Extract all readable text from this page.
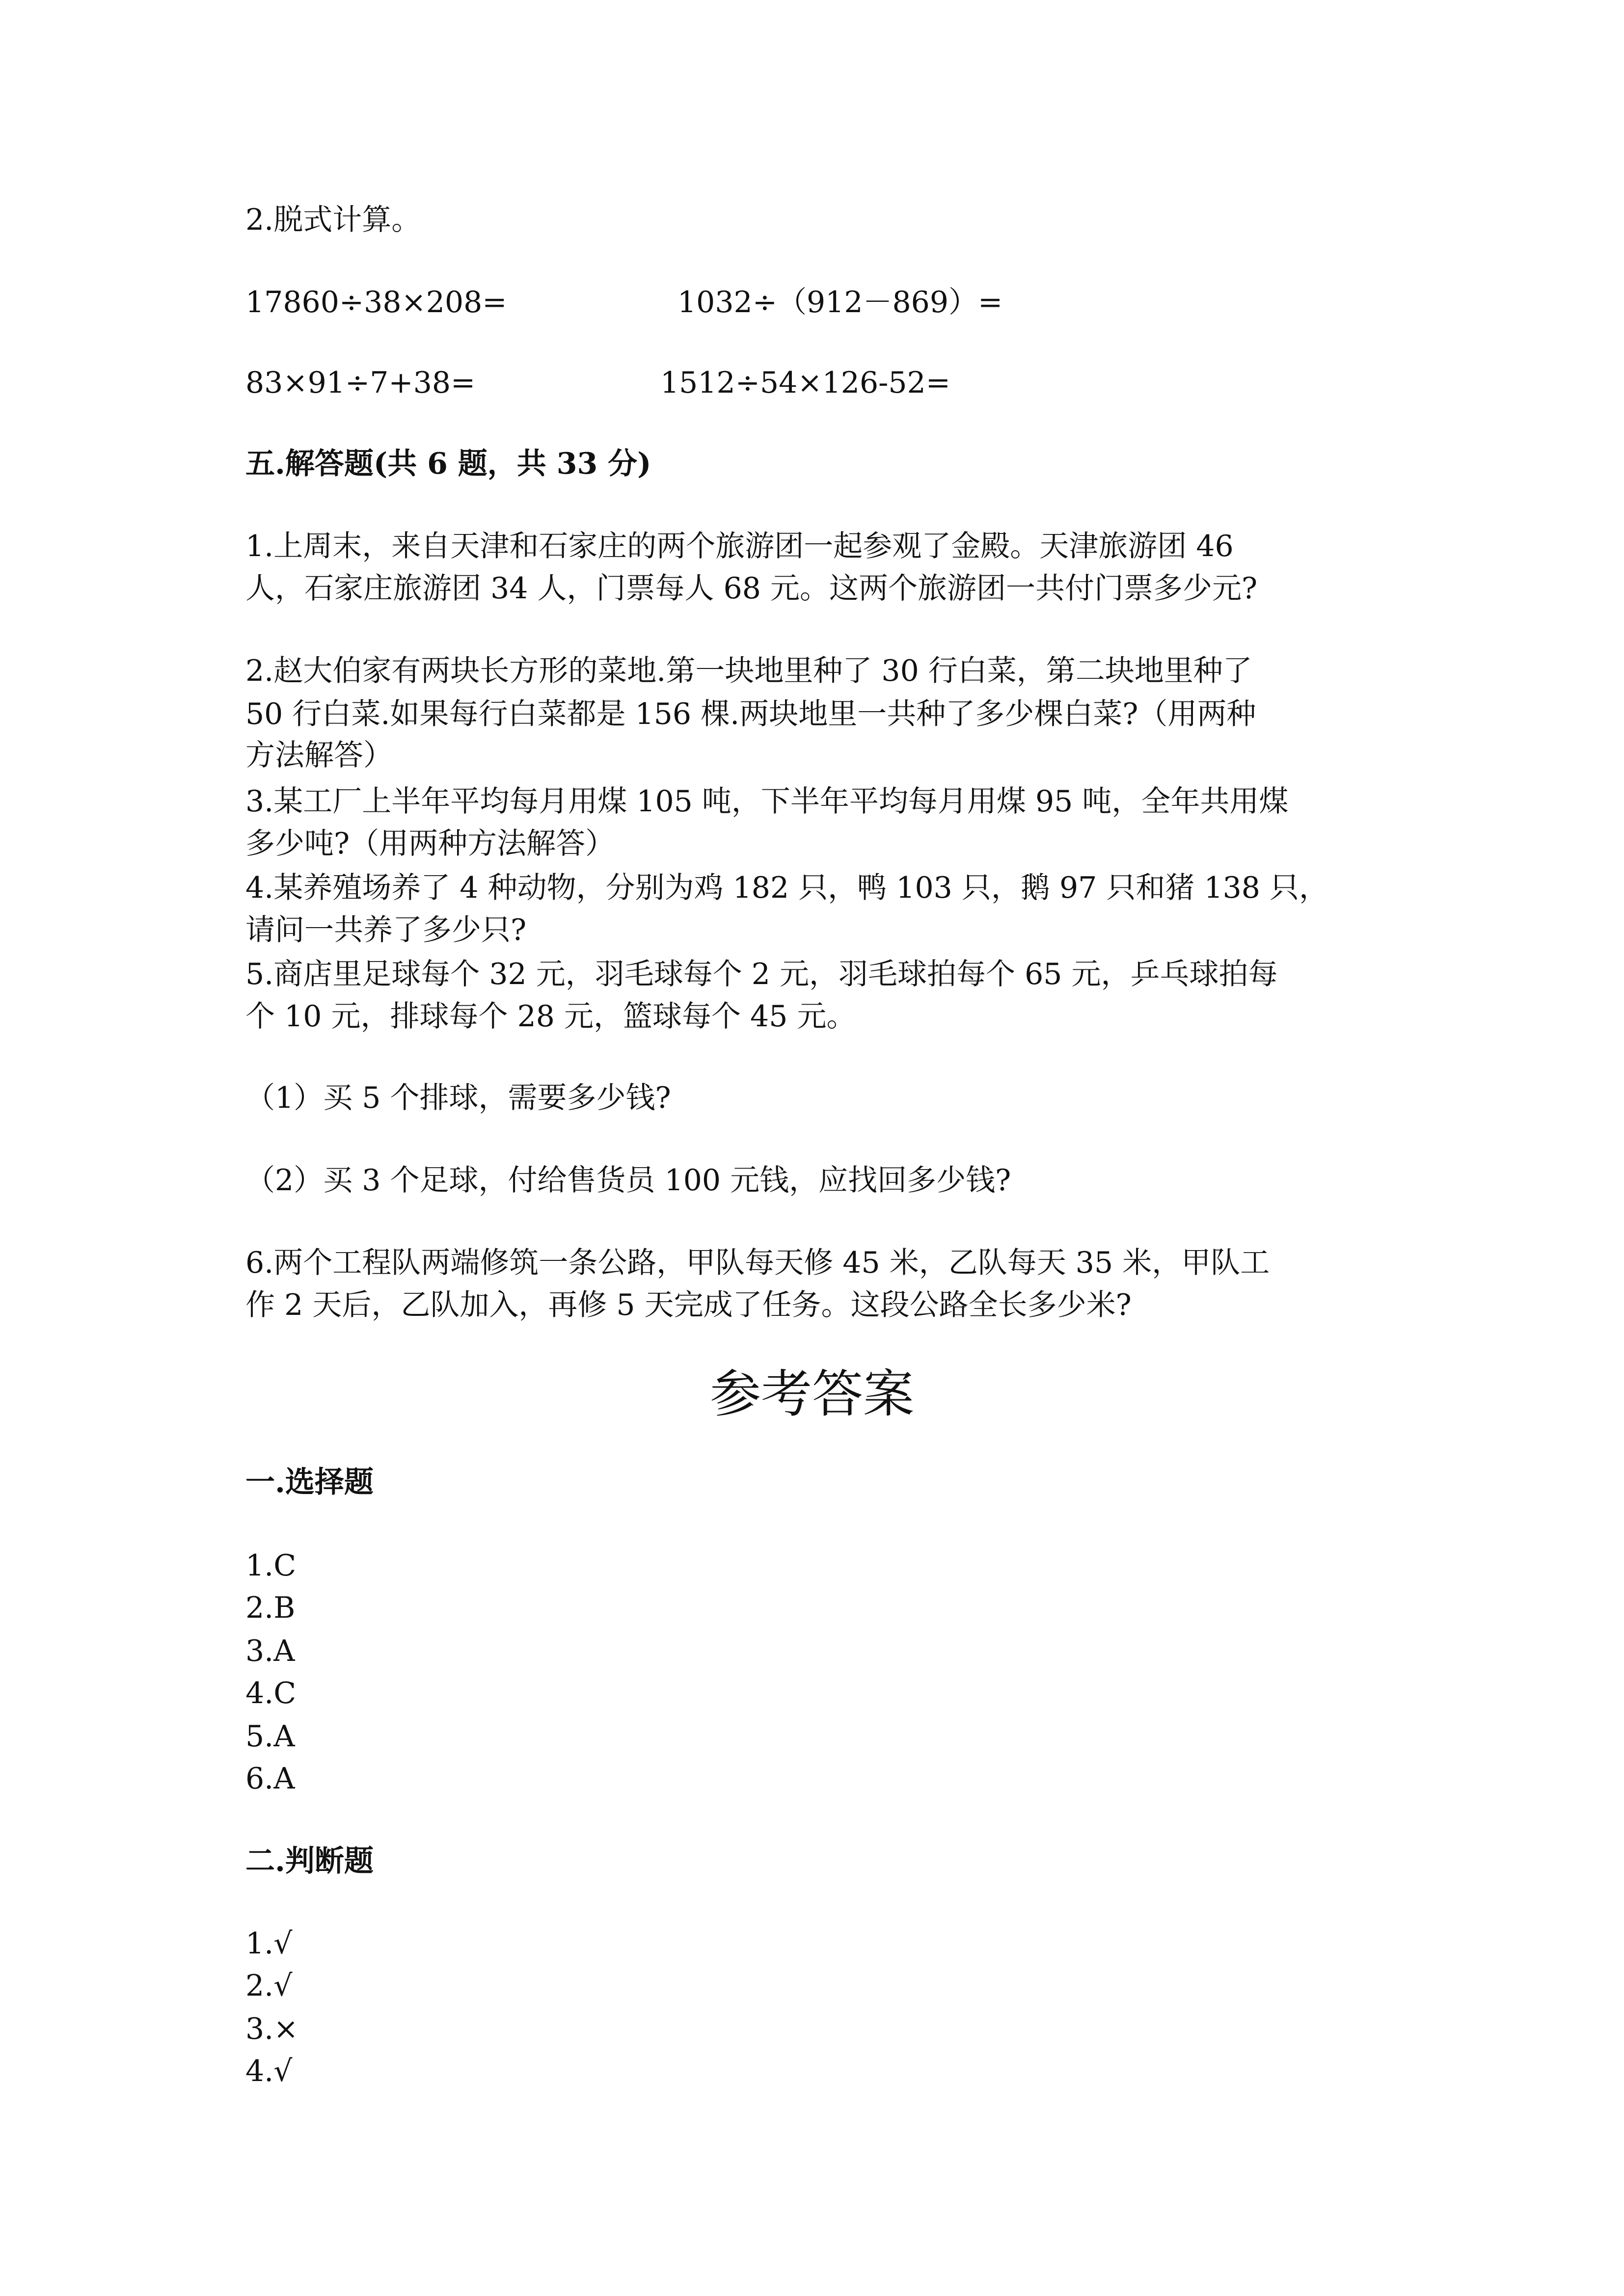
2.脱式计算。
17860÷38×208=	1032÷（912－869）=
83×91÷7+38=	1512÷54×126-52=
五.解答题(共 6 题，共 33 分)
1.上周末，来自天津和石家庄的两个旅游团一起参观了金殿。天津旅游团 46
人，石家庄旅游团 34 人，门票每人 68 元。这两个旅游团一共付门票多少元?
2.赵大伯家有两块长方形的菜地.第一块地里种了 30 行白菜，第二块地里种了
50 行白菜.如果每行白菜都是 156 棵.两块地里一共种了多少棵白菜?（用两种
方法解答）
3.某工厂上半年平均每月用煤 105 吨，下半年平均每月用煤 95 吨，全年共用煤
多少吨?（用两种方法解答）
4.某养殖场养了 4 种动物，分别为鸡 182 只，鸭 103 只，鹅 97 只和猪 138 只，
请问一共养了多少只?
5.商店里足球每个 32 元，羽毛球每个 2 元，羽毛球拍每个 65 元，乒乓球拍每
个 10 元，排球每个 28 元，篮球每个 45 元。
（1）买 5 个排球，需要多少钱?
（2）买 3 个足球，付给售货员 100 元钱，应找回多少钱?
6.两个工程队两端修筑一条公路，甲队每天修 45 米，乙队每天 35 米，甲队工
作 2 天后，乙队加入，再修 5 天完成了任务。这段公路全长多少米?
参考答案
一.选择题
1.C
2.B
3.A
4.C
5.A
6.A
二.判断题
1.√
2.√
3.×
4.√
